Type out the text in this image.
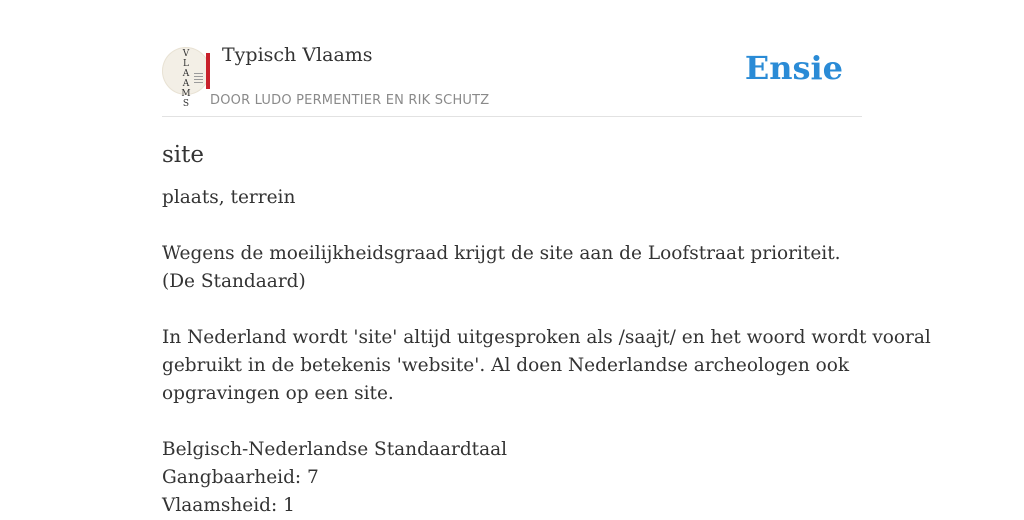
V
L
A
A
M
S
Typisch Vlaams
DOOR LUDO PERMENTIER EN RIK SCHUTZ
Ensie
site

plaats, terrein

Wegens de moeilijkheidsgraad krijgt de site aan de Loofstraat prioriteit.

(De Standaard)

In Nederland wordt 'site' altijd uitgesproken als /saajt/ en het woord wordt vooral

gebruikt in de betekenis 'website'. Al doen Nederlandse archeologen ook

opgravingen op een site.

Belgisch-Nederlandse Standaardtaal

Gangbaarheid: 7

Vlaamsheid: 1
